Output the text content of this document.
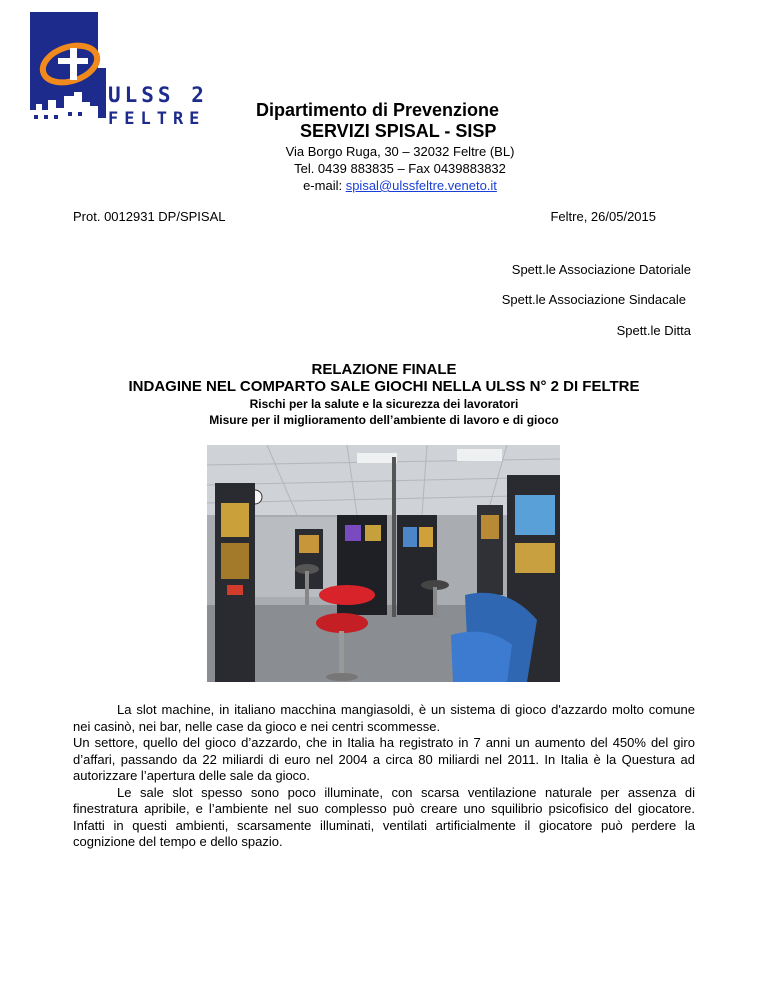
ULSS 2
FELTRE	Dipartimento di Prevenzione
SERVIZI SPISAL - SISP
Via Borgo Ruga, 30 – 32032 Feltre (BL)
Tel. 0439 883835 – Fax 0439883832
e-mail: spisal@ulssfeltre.veneto.it
Prot. 0012931 DP/SPISAL	Feltre, 26/05/2015
Spett.le Associazione Datoriale
Spett.le Associazione Sindacale
Spett.le Ditta
RELAZIONE FINALE
INDAGINE NEL COMPARTO SALE GIOCHI NELLA ULSS N° 2 DI FELTRE
Rischi per la salute e la sicurezza dei lavoratori
Misure per il miglioramento dell’ambiente di lavoro e di gioco

La slot machine, in italiano macchina mangiasoldi, è un sistema di gioco d'azzardo molto comune nei casinò, nei bar, nelle case da gioco e nei centri scommesse.

Un settore, quello del gioco d’azzardo, che in Italia ha registrato in 7 anni un aumento del 450% del giro d’affari, passando da 22 miliardi di euro nel 2004 a circa 80 miliardi nel 2011. In Italia è la Questura ad autorizzare l’apertura delle sale da gioco.

Le sale slot spesso sono poco illuminate, con scarsa ventilazione naturale per assenza di finestratura apribile, e l’ambiente nel suo complesso può creare uno squilibrio psicofisico del giocatore. Infatti in questi ambienti, scarsamente illuminati, ventilati artificialmente il giocatore può perdere la cognizione del tempo e dello spazio.
